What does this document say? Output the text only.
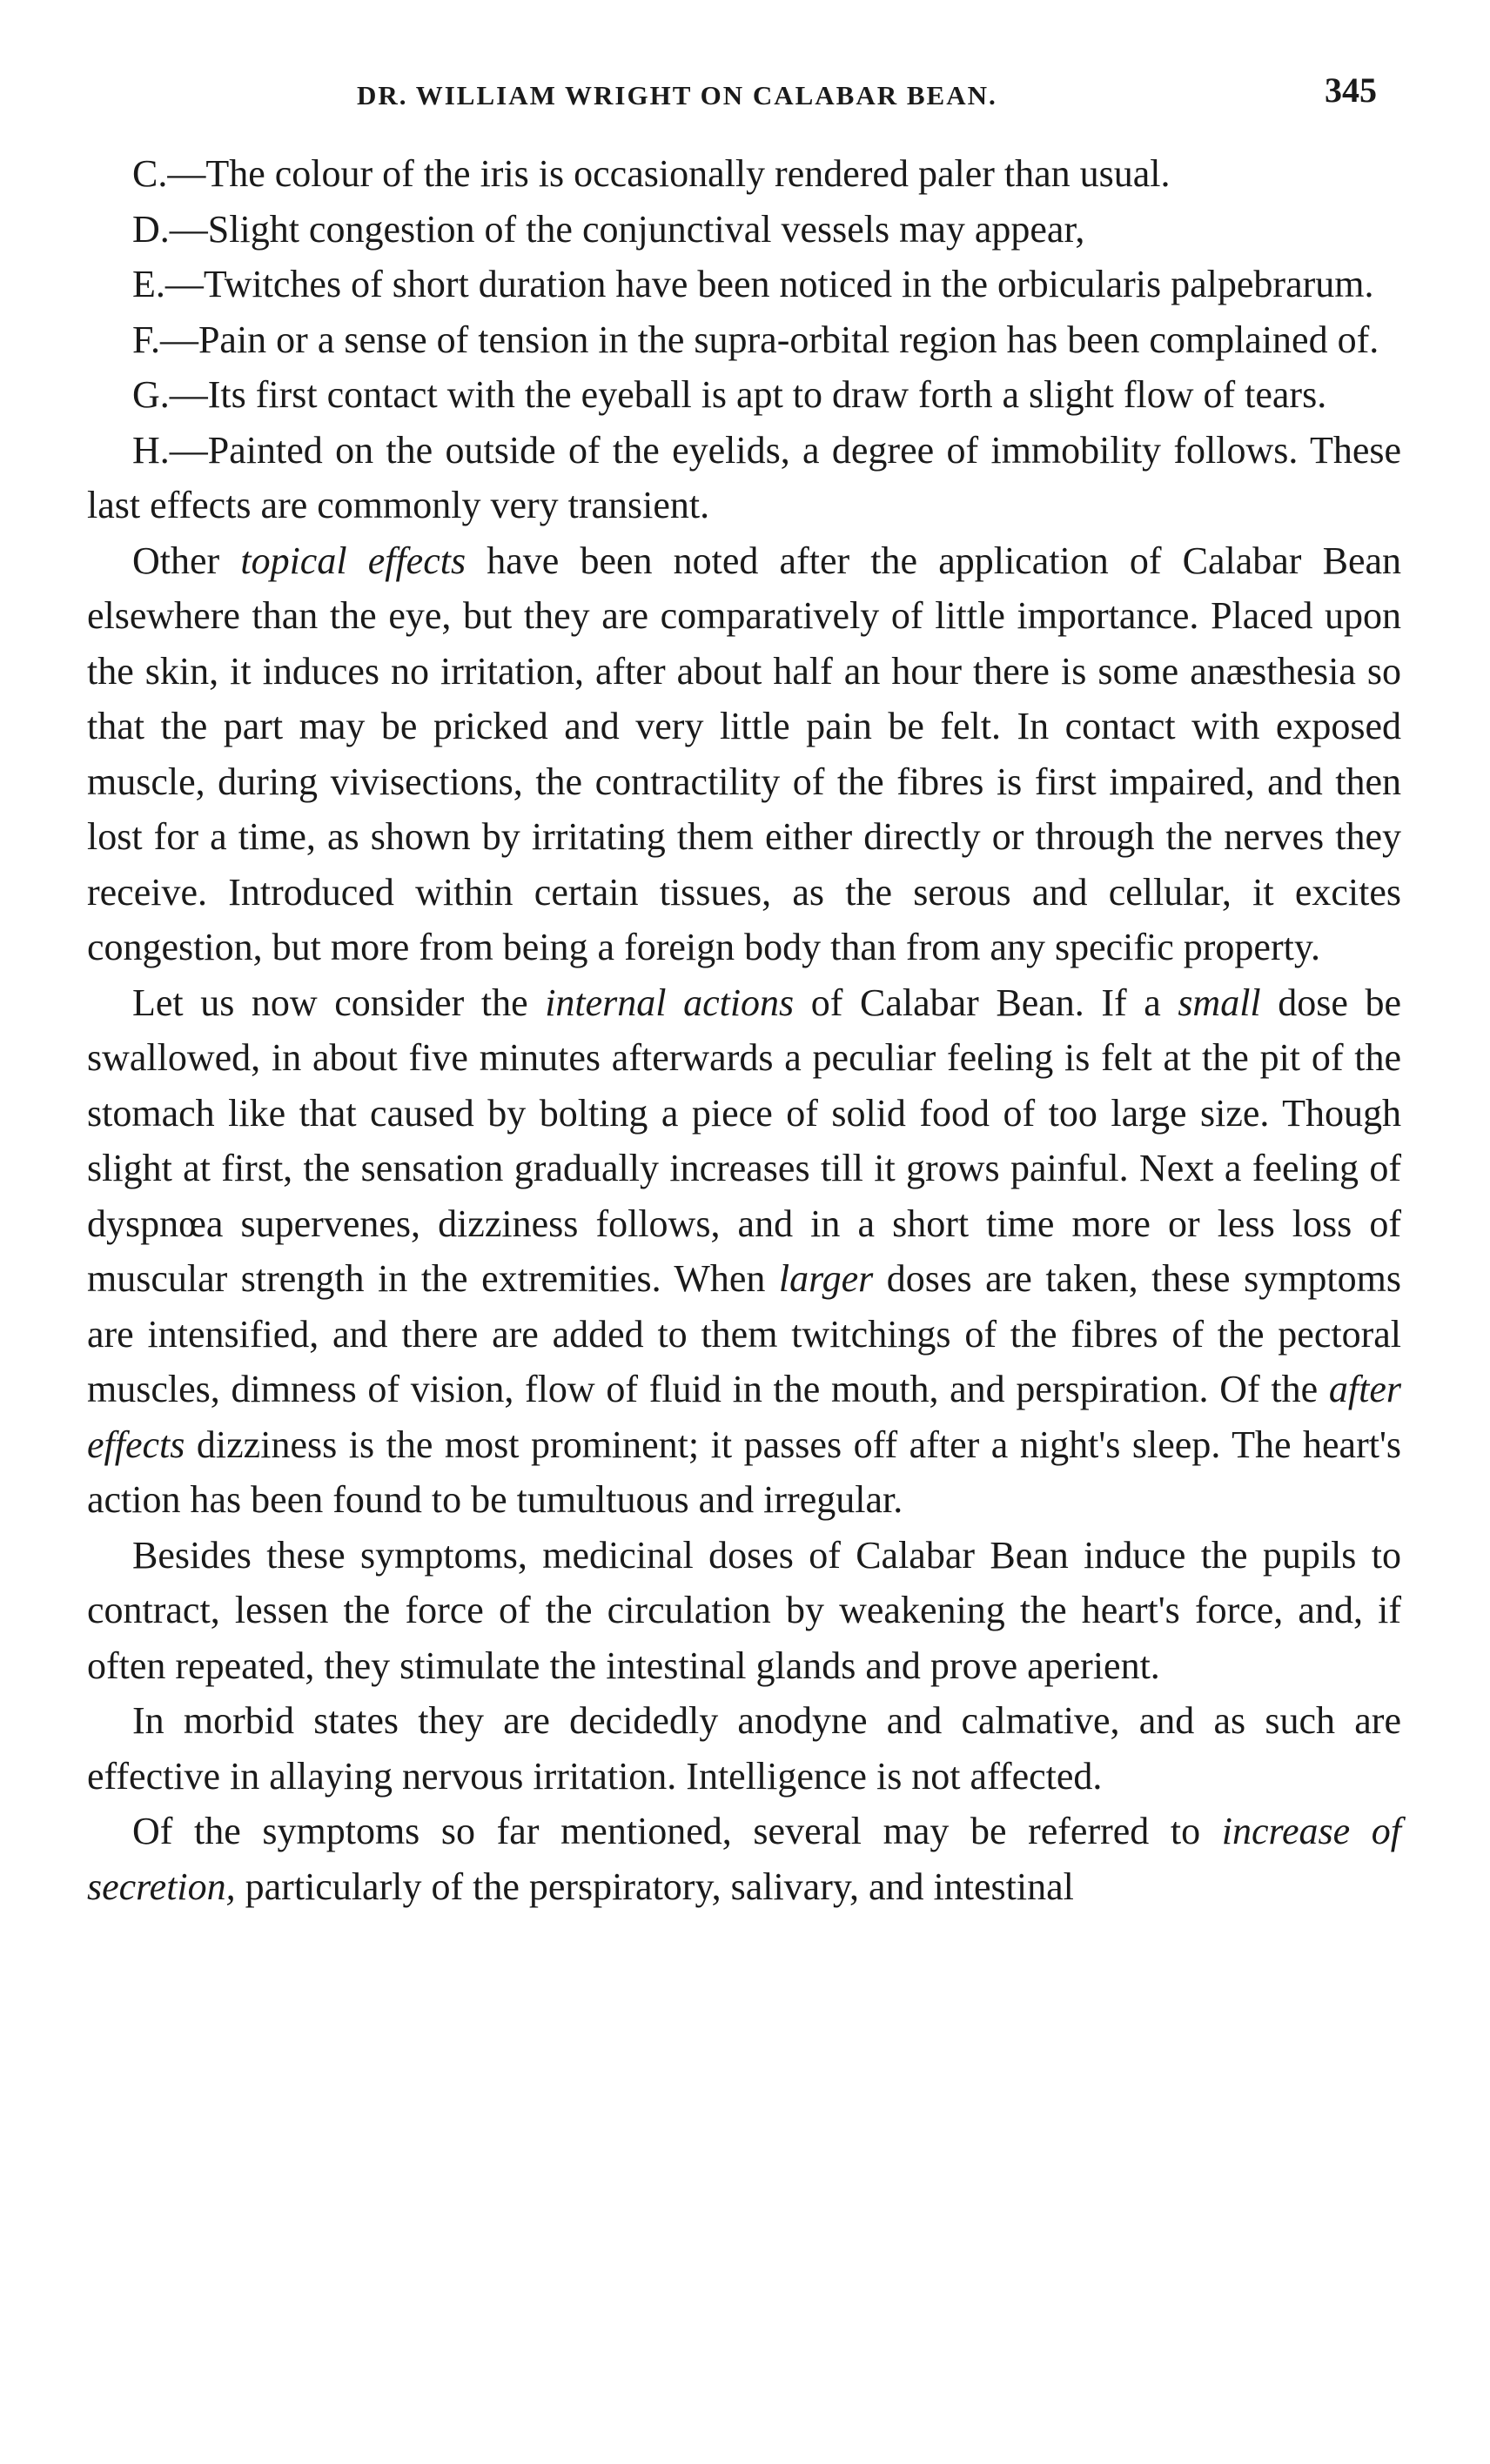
DR. WILLIAM WRIGHT ON CALABAR BEAN.	345

C.—The colour of the iris is occasionally rendered paler than usual.

D.—Slight congestion of the conjunctival vessels may appear,

E.—Twitches of short duration have been noticed in the orbicularis palpebrarum.

F.—Pain or a sense of tension in the supra-orbital region has been complained of.

G.—Its first contact with the eyeball is apt to draw forth a slight flow of tears.

H.—Painted on the outside of the eyelids, a degree of immobility follows. These last effects are commonly very transient.

Other topical effects have been noted after the application of Calabar Bean elsewhere than the eye, but they are comparatively of little importance. Placed upon the skin, it induces no irritation, after about half an hour there is some anæsthesia so that the part may be pricked and very little pain be felt. In contact with exposed muscle, during vivisections, the contractility of the fibres is first impaired, and then lost for a time, as shown by irritating them either directly or through the nerves they receive. Introduced within certain tissues, as the serous and cellular, it excites congestion, but more from being a foreign body than from any specific property.

Let us now consider the internal actions of Calabar Bean. If a small dose be swallowed, in about five minutes afterwards a peculiar feeling is felt at the pit of the stomach like that caused by bolting a piece of solid food of too large size. Though slight at first, the sensation gradually increases till it grows painful. Next a feeling of dyspnœa supervenes, dizziness follows, and in a short time more or less loss of muscular strength in the extremities. When larger doses are taken, these symptoms are intensified, and there are added to them twitchings of the fibres of the pectoral muscles, dimness of vision, flow of fluid in the mouth, and perspiration. Of the after effects dizziness is the most prominent; it passes off after a night's sleep. The heart's action has been found to be tumultuous and irregular.

Besides these symptoms, medicinal doses of Calabar Bean induce the pupils to contract, lessen the force of the circulation by weakening the heart's force, and, if often repeated, they stimulate the intestinal glands and prove aperient.

In morbid states they are decidedly anodyne and calmative, and as such are effective in allaying nervous irritation. Intelligence is not affected.

Of the symptoms so far mentioned, several may be referred to increase of secretion, particularly of the perspiratory, salivary, and intestinal
